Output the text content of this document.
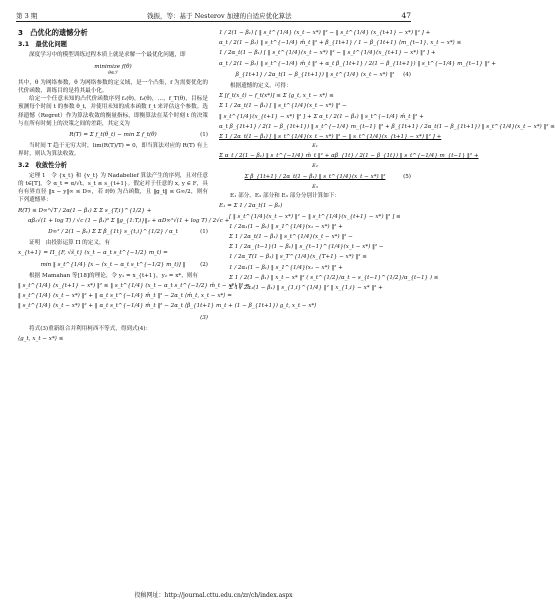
第 3 期	钱振，等：基于 Nesterov 加速的自适应优化算法	47
3　凸优化的遗憾分析
3.1　最优化问题
深度学习中的模型训练过程本质上就是求解一个最优化问题，即
minimize f(θ)
θ∈ℱ
其中，θ 为网络参数，θ 为网络参数的定义域，是一个凸集，f 为需要优化的代价函数，训练目的是将其最小化。
给定一个任意未知的凸代价函数序列 f₁(θ)，f₂(θ)，…，f_T(θ)，目标是预测每个时间 t 的参数 θ_t，并使用未知的成本函数 f_t 来评估这个参数。选择遗憾（Regret）作为算法收敛的衡量指标，即衡算法在某个时刻 t 的决策与在所有时刻上的决策之间的差距，其定义为
R(T) = Σ f_t(θ_t) − min Σ f_t(θ)	(1)
当时间 T 趋于无穷大时，lim(R(T)/T) = 0，即当算法对应的 R(T) 有上界时，则认为算法收敛。
3.2　收敛性分析
定理 1　令 {x_t} 和 {v_t} 为 Nadabelief 算法产生的序列，且对任意的 t∈[T]，令 α_t = α/√t，s_t ≤ s_{t+1}。假定对于任意的 x, y ∈ F，具有有界直径 ‖x − y‖∞ ≤ D∞，若 f(θ) 为凸函数，且 ‖g_t‖ ≤ G∞/2，则有下列遗憾界：
R(T) ≤ D∞²√T / 2α(1 − β₁) Σ Σ s_{T,i}^{1/2} +
αβ₁√(1 + log T) / √c (1 − β₁)³ Σ ‖g_{1:T,i}‖₂ + αD∞²√(1 + log T) / 2√c +
D∞² / 2(1 − β₁) Σ Σ β_{1t} s_{t,i}^{1/2} / α_t	(1)
证明　由投影运算 Π 的定义，有
x_{t+1} = Π_{F, √s̃_t} (x_t − α_t s_t^{−1/2} m_t) =
min ‖ s_t^{1/4} [x − (x_t − α_t s_t^{−1/2} m_t)] ‖	(2)
根据 Mamahan 等[18]的理论，令 y₁ = x_{t+1}，y₂ = x*，则有
‖ s_t^{1/4} (x_{t+1} − x*) ‖² ≤ ‖ s_t^{1/4} (x_t − α_t s_t^{−1/2} m̂_t − x*) ‖² =
‖ s_t^{1/4} (x_t − x*) ‖² + ‖ α_t s_t^{−1/4} m̂_t ‖² − 2α_t ⟨m̂_t, x_t − x*⟩ =
‖ s_t^{1/4} (x_t − x*) ‖² + ‖ α_t s_t^{−1/4} m̂_t ‖² − 2α_t ⟨β_{1t+1} m_t + (1 − β_{1t+1}) g_t, x_t − x*⟩
(3)
将式(3)重新组合并利用柯西不等式，得到式(4)：
⟨g_t, x_t − x*⟩ ≤
1 / 2(1 − β₁) [ ‖ s_t^{1/4} (x_t − x*) ‖² − ‖ s_t^{1/4} (x_{t+1} − x*) ‖² ] +
α_t / 2(1 − β₁) ‖ s_t^{−1/4} m̂_t ‖² + β_{1t+1} / 1 − β_{1t+1} ⟨m_{t−1}, x_t − x*⟩ ≤
1 / 2α_t(1 − β₁) [ ‖ s_t^{1/4}(x_t − x*) ‖² − ‖ s_t^{1/4}(x_{t+1} − x*) ‖² ] +
α_t / 2(1 − β₁) ‖ s_t^{−1/4} m̂_t ‖² + α_t β_{1t+1} / 2(1 − β_{1t+1}) ‖ s_t^{−1/4} m_{t−1} ‖² +
β_{1t+1} / 2α_t(1 − β_{1t+1}) ‖ s_t^{1/4} (x_t − x*) ‖² (4)
根据遗憾的定义，可得：
Σ [f_t(x_t) − f_t(x*)] ≤ Σ ⟨g_t, x_t − x*⟩ ≤
Σ 1 / 2α_t(1 − β₁) [ ‖ s_t^{1/4}(x_t − x*) ‖² −
‖ s_t^{1/4}(x_{t+1} − x*) ‖² ] + Σ α_t / 2(1 − β₁) ‖ s_t^{−1/4} m̂_t ‖² +
α_t β_{1t+1} / 2(1 − β_{1t+1}) ‖ s_t^{−1/4} m_{t−1} ‖² + β_{1t+1} / 2α_t(1 − β_{1t+1}) ‖ s_t^{1/4}(x_t − x*) ‖² ≤
Σ 1 / 2α_t(1 − β₁) [ ‖ s_t^{1/4}(x_t − x*) ‖² − ‖ s_t^{1/4}(x_{t+1} − x*) ‖² ] +
E₁
Σ α_t / 2(1 − β₁) ‖ s_t^{−1/4} m̂_t ‖² + αβ_{1t} / 2(1 − β_{1t}) ‖ s_t^{−1/4} m_{t−1} ‖² +
E₂
Σ β_{1t+1} / 2α_t(1 − β₁) ‖ s_t^{1/4}(x_t − x*) ‖²	(5)
E₃
E₁ 部分、E₂ 部分和 E₃ 部分分别计算如下：
E₁ = Σ 1 / 2α_t(1 − β₁)
[ ‖ s_t^{1/4}(x_t − x*) ‖² − ‖ s_t^{1/4}(x_{t+1} − x*) ‖² ] ≤
1 / 2α₁(1 − β₁) ‖ s_1^{1/4}(x₁ − x*) ‖² +
Σ 1 / 2α_t(1 − β₁) ‖ s_t^{1/4}(x_t − x*) ‖² −
Σ 1 / 2α_{t−1}(1 − β₁) ‖ s_{t−1}^{1/4}(x_t − x*) ‖² −
1 / 2α_T(1 − β₁) ‖ s_T^{1/4}(x_{T+1} − x*) ‖² ≤
1 / 2α₁(1 − β₁) ‖ s_1^{1/4}(x₁ − x*) ‖² +
Σ 1 / 2(1 − β₁) ‖ x_t − x* ‖² ( s_t^{1/2}/α_t − s_{t−1}^{1/2}/α_{t−1} ) ≤
Σ 1 / 2α₁(1 − β₁) ‖ s_{1,i}^{1/4} ‖² ‖ x_{1,i} − x* ‖² +
投稿网址：http://journal.cttu.edu.cn/zr/ch/index.aspx
